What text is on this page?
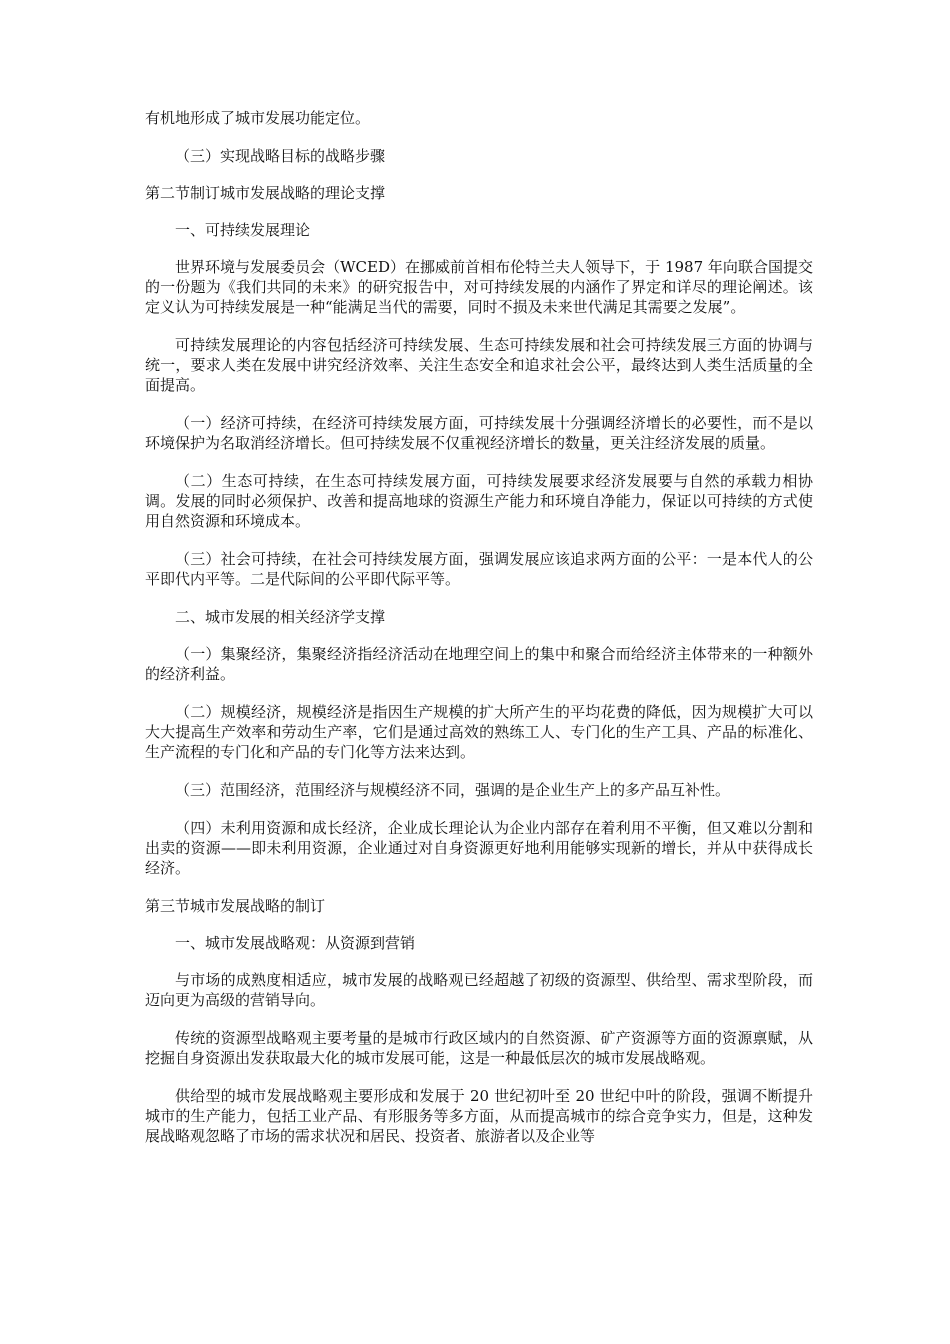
有机地形成了城市发展功能定位。

（三）实现战略目标的战略步骤

第二节制订城市发展战略的理论支撑

一、可持续发展理论

世界环境与发展委员会（WCED）在挪威前首相布伦特兰夫人领导下，于 1987 年向联合国提交的一份题为《我们共同的未来》的研究报告中，对可持续发展的内涵作了界定和详尽的理论阐述。该定义认为可持续发展是一种“能满足当代的需要，同时不损及未来世代满足其需要之发展”。

可持续发展理论的内容包括经济可持续发展、生态可持续发展和社会可持续发展三方面的协调与统一，要求人类在发展中讲究经济效率、关注生态安全和追求社会公平，最终达到人类生活质量的全面提高。

（一）经济可持续，在经济可持续发展方面，可持续发展十分强调经济增长的必要性，而不是以环境保护为名取消经济增长。但可持续发展不仅重视经济增长的数量，更关注经济发展的质量。

（二）生态可持续，在生态可持续发展方面，可持续发展要求经济发展要与自然的承载力相协调。发展的同时必须保护、改善和提高地球的资源生产能力和环境自净能力，保证以可持续的方式使用自然资源和环境成本。

（三）社会可持续，在社会可持续发展方面，强调发展应该追求两方面的公平：一是本代人的公平即代内平等。二是代际间的公平即代际平等。

二、城市发展的相关经济学支撑

（一）集聚经济，集聚经济指经济活动在地理空间上的集中和聚合而给经济主体带来的一种额外的经济利益。

（二）规模经济，规模经济是指因生产规模的扩大所产生的平均花费的降低，因为规模扩大可以大大提高生产效率和劳动生产率，它们是通过高效的熟练工人、专门化的生产工具、产品的标准化、生产流程的专门化和产品的专门化等方法来达到。

（三）范围经济，范围经济与规模经济不同，强调的是企业生产上的多产品互补性。

（四）未利用资源和成长经济，企业成长理论认为企业内部存在着利用不平衡，但又难以分割和出卖的资源——即未利用资源，企业通过对自身资源更好地利用能够实现新的增长，并从中获得成长经济。

第三节城市发展战略的制订

一、城市发展战略观：从资源到营销

与市场的成熟度相适应，城市发展的战略观已经超越了初级的资源型、供给型、需求型阶段，而迈向更为高级的营销导向。

传统的资源型战略观主要考量的是城市行政区域内的自然资源、矿产资源等方面的资源禀赋，从挖掘自身资源出发获取最大化的城市发展可能，这是一种最低层次的城市发展战略观。

供给型的城市发展战略观主要形成和发展于 20 世纪初叶至 20 世纪中叶的阶段，强调不断提升城市的生产能力，包括工业产品、有形服务等多方面，从而提高城市的综合竞争实力，但是，这种发展战略观忽略了市场的需求状况和居民、投资者、旅游者以及企业等
